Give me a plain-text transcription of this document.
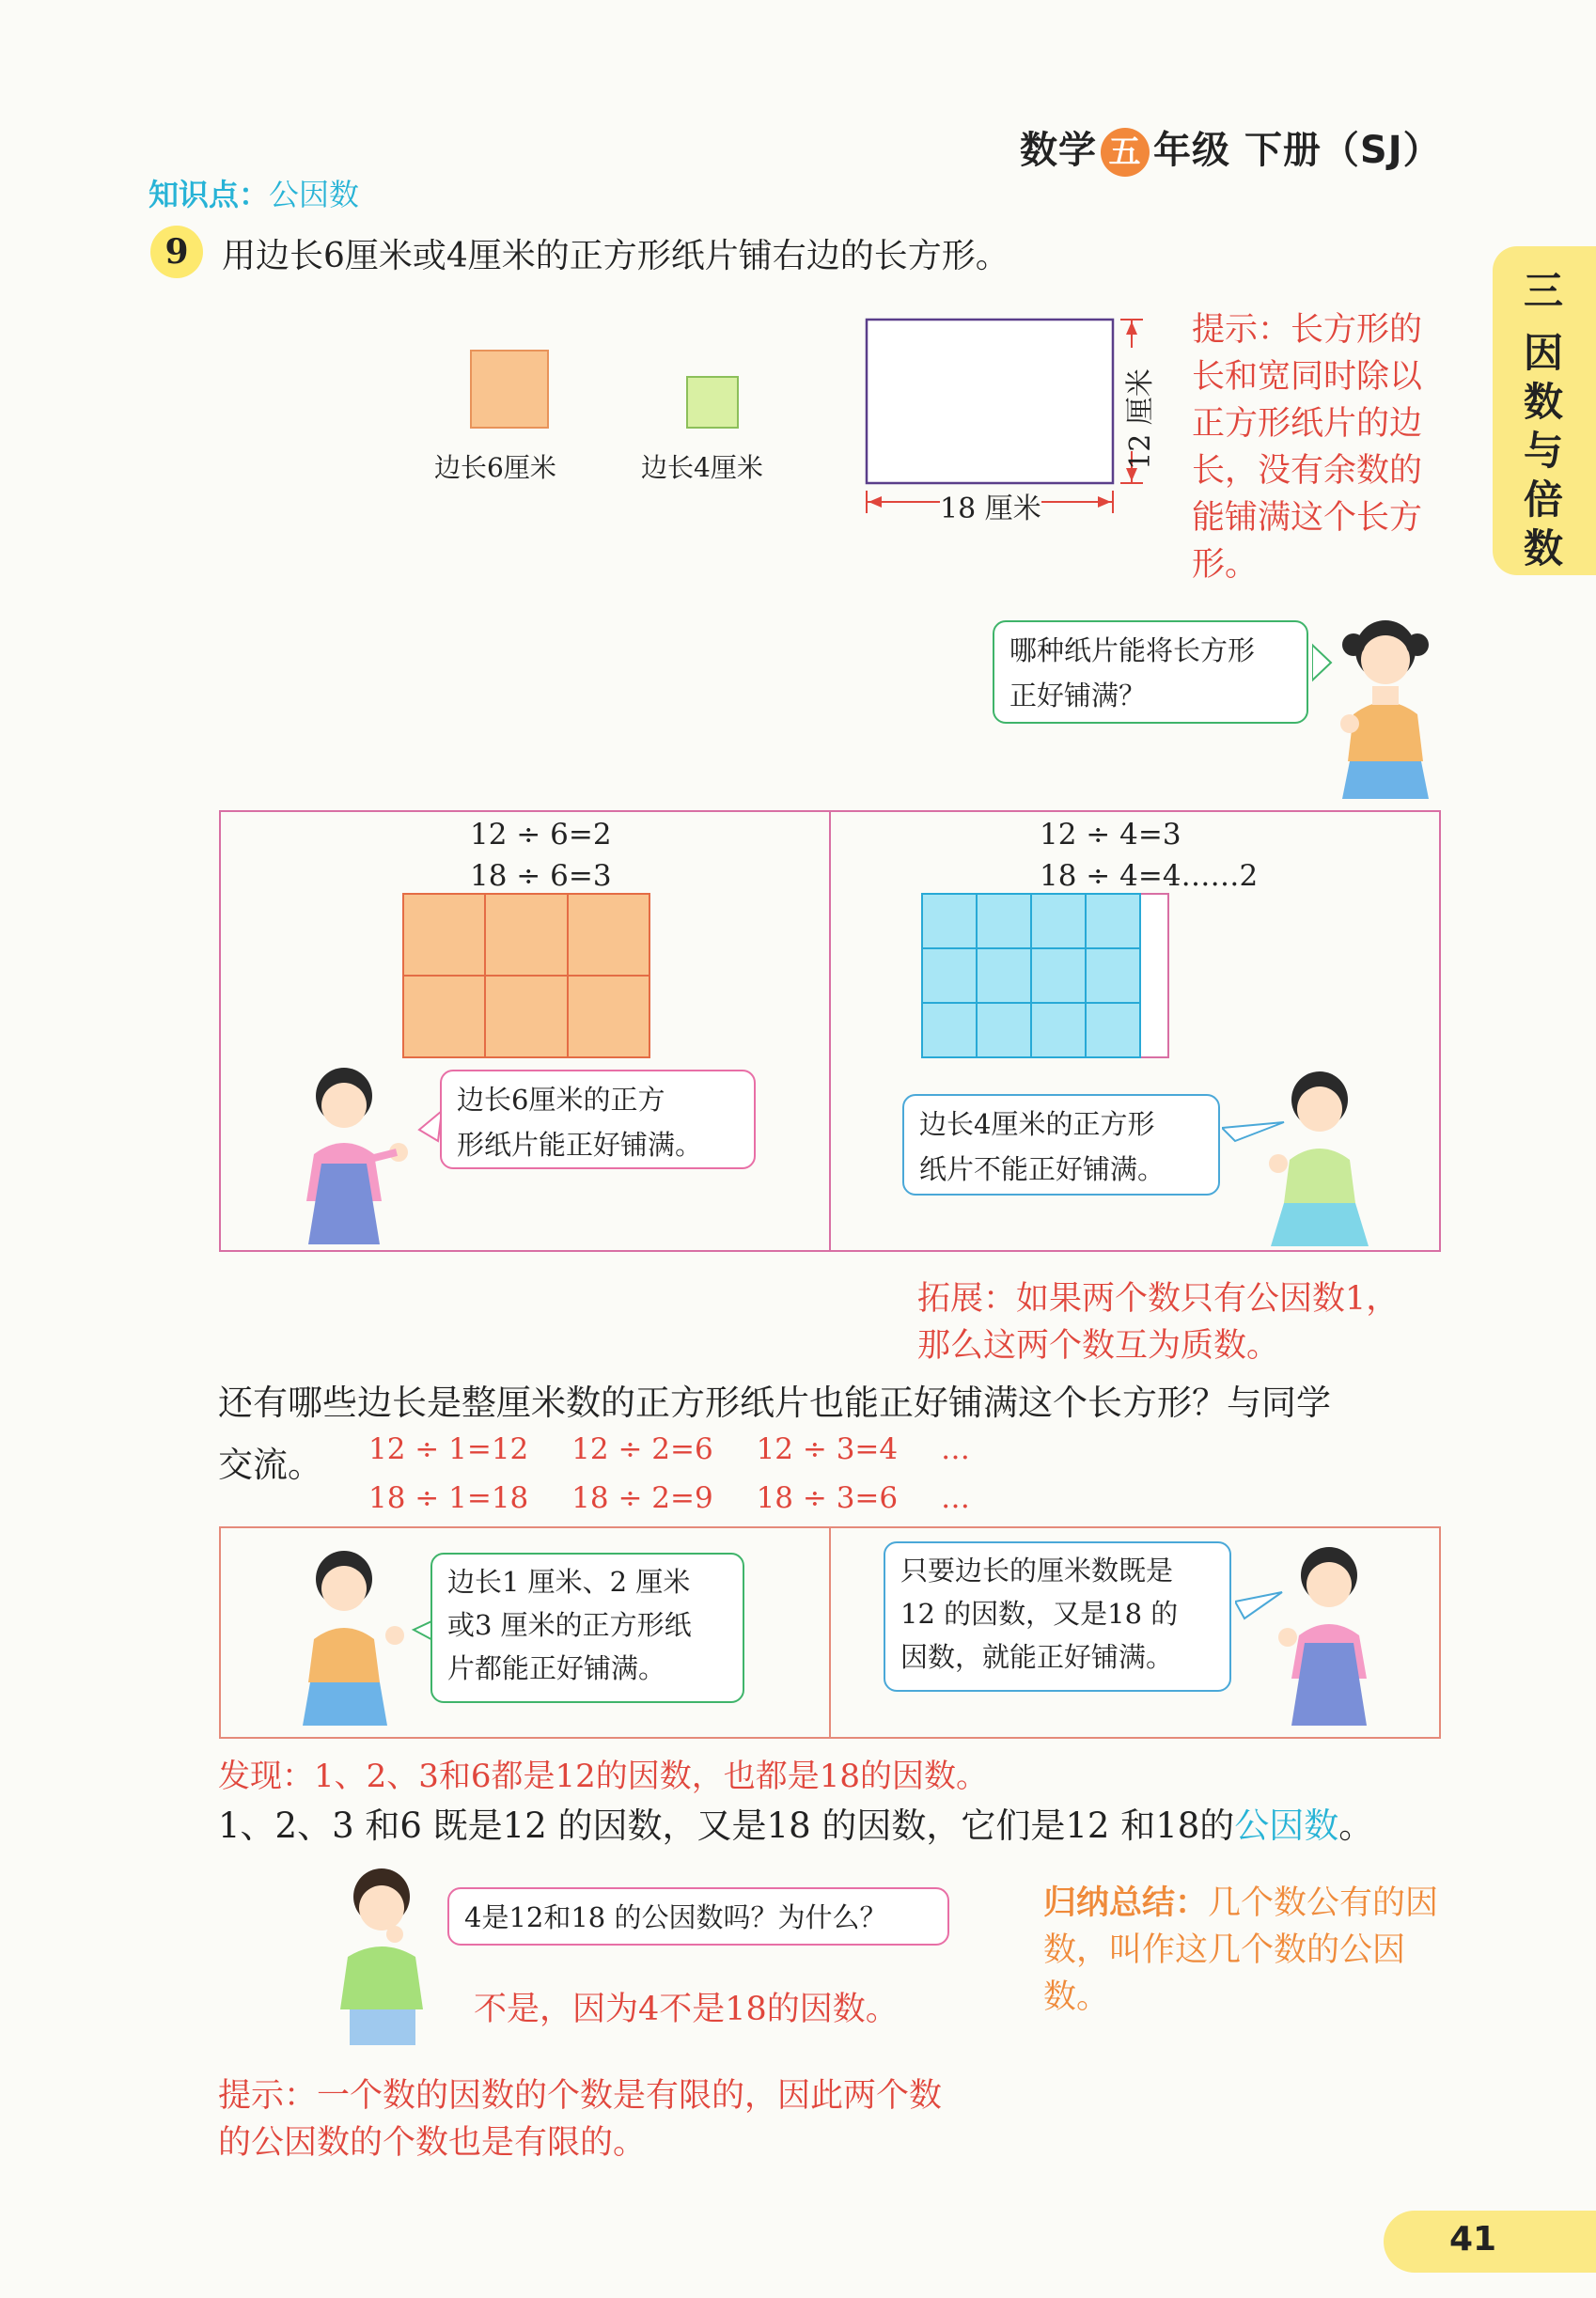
数学 五 年级 下册（SJ）
三
因数与倍数
知识点：公因数
9 用边长6厘米或4厘米的正方形纸片铺右边的长方形。
边长6厘米	边长4厘米
18 厘米
12 厘米
提示：长方形的长和宽同时除以正方形纸片的边长，没有余数的能铺满这个长方形。
哪种纸片能将长方形
正好铺满？
12 ÷ 6=2
18 ÷ 6=3
边长6厘米的正方
形纸片能正好铺满。
12 ÷ 4=3
18 ÷ 4=4……2
边长4厘米的正方形
纸片不能正好铺满。
拓展：如果两个数只有公因数1，
那么这两个数互为质数。
还有哪些边长是整厘米数的正方形纸片也能正好铺满这个长方形？与同学
交流。 12 ÷ 1=12 12 ÷ 2=6 12 ÷ 3=4 …
18 ÷ 1=18 18 ÷ 2=9 18 ÷ 3=6 …
边长1 厘米、2 厘米
或3 厘米的正方形纸
片都能正好铺满。
只要边长的厘米数既是
12 的因数，又是18 的
因数，就能正好铺满。
发现：1、2、3和6都是12的因数，也都是18的因数。
1、2、3 和6 既是12 的因数，又是18 的因数，它们是12 和18的公因数。
4是12和18 的公因数吗？为什么？
不是，因为4不是18的因数。
归纳总结：几个数公有的因数，叫作这几个数的公因数。
提示：一个数的因数的个数是有限的，因此两个数
的公因数的个数也是有限的。
41
